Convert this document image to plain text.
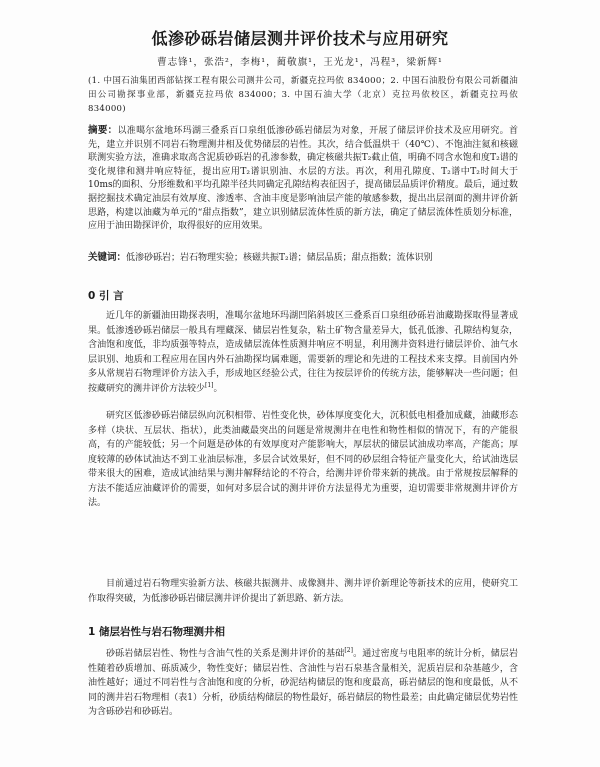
低渗砂砾岩储层测井评价技术与应用研究
曹志锋¹，张浩²，李梅¹，蔺敬旗¹，王光龙¹，冯程³，梁新辉¹
(1. 中国石油集团西部钻探工程有限公司测井公司，新疆克拉玛依 834000；2. 中国石油股份有限公司新疆油田公司勘探事业部，新疆克拉玛依 834000；3. 中国石油大学（北京）克拉玛依校区，新疆克拉玛依 834000)
摘要：以准噶尔盆地环玛湖三叠系百口泉组低渗砂砾岩储层为对象，开展了储层评价技术及应用研究。首先，建立并识别不同岩石物理测井相及优势储层的岩性。其次，结合低温烘干（40℃）、不饱油注氦和核磁联测实验方法，准确求取高含泥质砂砾岩的孔渗参数，确定核磁共振T₂截止值，明确不同含水饱和度T₂谱的变化规律和测井响应特征，提出应用T₂谱识别油、水层的方法。再次，利用孔隙度、T₂谱中T₂时间大于10ms的面积、分形维数和平均孔隙半径共同确定孔隙结构表征因子，提高储层品质评价精度。最后，通过数据挖掘技术确定油层有效厚度、渗透率、含油丰度是影响油层产能的敏感参数，提出出层剖面的测井评价新思路，构建以油藏为单元的“甜点指数”，建立识别储层流体性质的新方法，确定了储层流体性质划分标准，应用于油田勘探评价，取得很好的应用效果。
关键词：低渗砂砾岩；岩石物理实验；核磁共振T₂谱；储层品质；甜点指数；流体识别
0 引 言
近几年的新疆油田勘探表明，准噶尔盆地环玛湖凹陷斜坡区三叠系百口泉组砂砾岩油藏勘探取得显著成果。低渗透砂砾岩储层一般具有埋藏深、储层岩性复杂，粘土矿物含量差异大，低孔低渗、孔隙结构复杂，含油饱和度低，非均质强等特点，造成储层流体性质测井响应不明显，利用测井资料进行储层评价、油气水层识别、地质和工程应用在国内外石油勘探均属难题，需要新的理论和先进的工程技术来支撑。目前国内外多从常规岩石物理评价方法入手，形成地区经验公式，往往为按层评价的传统方法，能够解决一些问题；但按藏研究的测井评价方法较少[1]。
研究区低渗砂砾岩储层纵向沉积相带、岩性变化快，砂体厚度变化大，沉积低电相叠加成藏，油藏形态多样（块状、互层状、指状），此类油藏最突出的问题是常规测井在电性和物性相似的情况下，有的产能很高，有的产能较低；另一个问题是砂体的有效厚度对产能影响大，厚层状的储层试油成功率高，产能高；厚度较薄的砂体试油达不到工业油层标准，多层合试效果好，但不同的砂层组合特征产量变化大，给试油选层带来很大的困难，造成试油结果与测井解释结论的不符合，给测井评价带来新的挑战。由于常规按层解释的方法不能适应油藏评价的需要，如何对多层合试的测井评价方法显得尤为重要，迫切需要非常规测井评价方法。
目前通过岩石物理实验新方法、核磁共振测井、成像测井、测井评价新理论等新技术的应用，使研究工作取得突破，为低渗砂砾岩储层测井评价提出了新思路、新方法。
1 储层岩性与岩石物理测井相
砂砾岩储层岩性、物性与含油气性的关系是测井评价的基础[2]。通过密度与电阻率的统计分析，储层岩性随着砂质增加、砾质减少，物性变好；储层岩性、含油性与岩石泉基含量相关，泥质岩层和杂基越少，含油性越好；通过不同岩性与含油饱和度的分析，砂泥结构储层的饱和度最高，砾岩储层的饱和度最低，从不同的测井岩石物理相（表1）分析，砂质结构储层的物性最好，砾岩储层的物性最差；由此确定储层优势岩性为含砾砂岩和砂砾岩。
